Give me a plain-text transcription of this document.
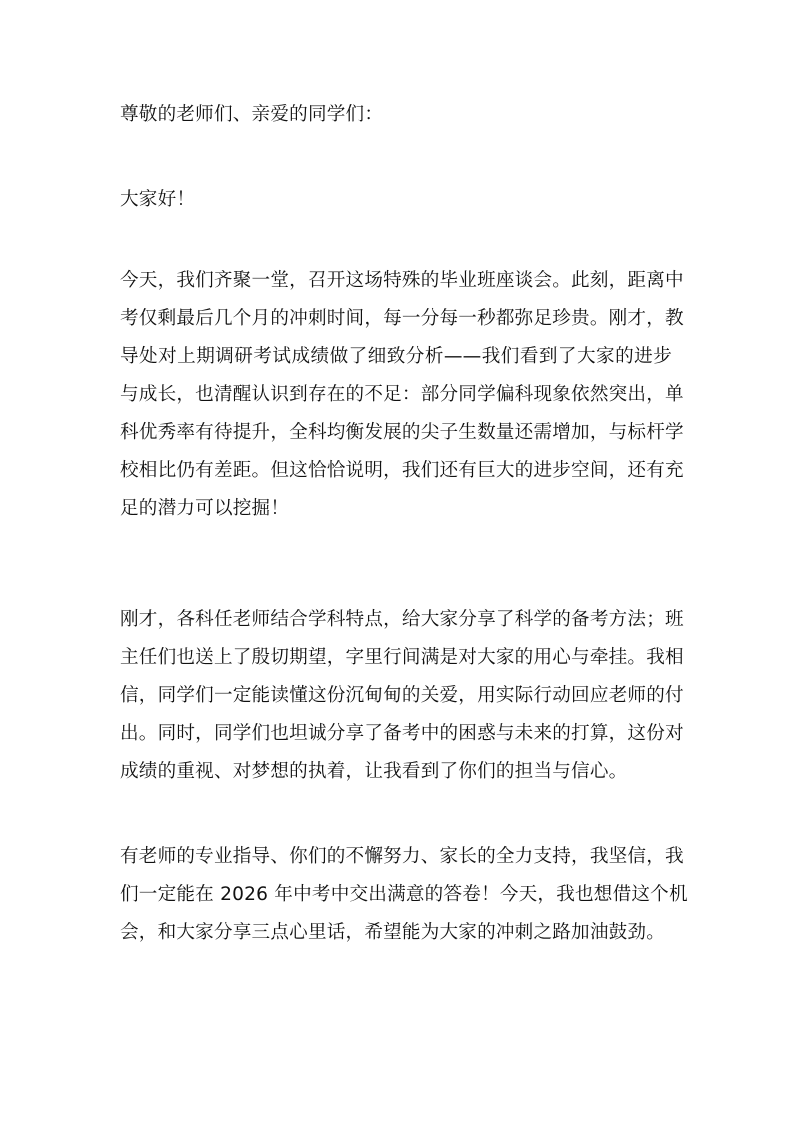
尊敬的老师们、亲爱的同学们：

大家好！

今天，我们齐聚一堂，召开这场特殊的毕业班座谈会。此刻，距离中
考仅剩最后几个月的冲刺时间，每一分每一秒都弥足珍贵。刚才，教
导处对上期调研考试成绩做了细致分析——我们看到了大家的进步
与成长，也清醒认识到存在的不足：部分同学偏科现象依然突出，单
科优秀率有待提升，全科均衡发展的尖子生数量还需增加，与标杆学
校相比仍有差距。但这恰恰说明，我们还有巨大的进步空间，还有充
足的潜力可以挖掘！
刚才，各科任老师结合学科特点，给大家分享了科学的备考方法；班
主任们也送上了殷切期望，字里行间满是对大家的用心与牵挂。我相
信，同学们一定能读懂这份沉甸甸的关爱，用实际行动回应老师的付
出。同时，同学们也坦诚分享了备考中的困惑与未来的打算，这份对
成绩的重视、对梦想的执着，让我看到了你们的担当与信心。
有老师的专业指导、你们的不懈努力、家长的全力支持，我坚信，我
们一定能在 2026 年中考中交出满意的答卷！今天，我也想借这个机
会，和大家分享三点心里话，希望能为大家的冲刺之路加油鼓劲。
